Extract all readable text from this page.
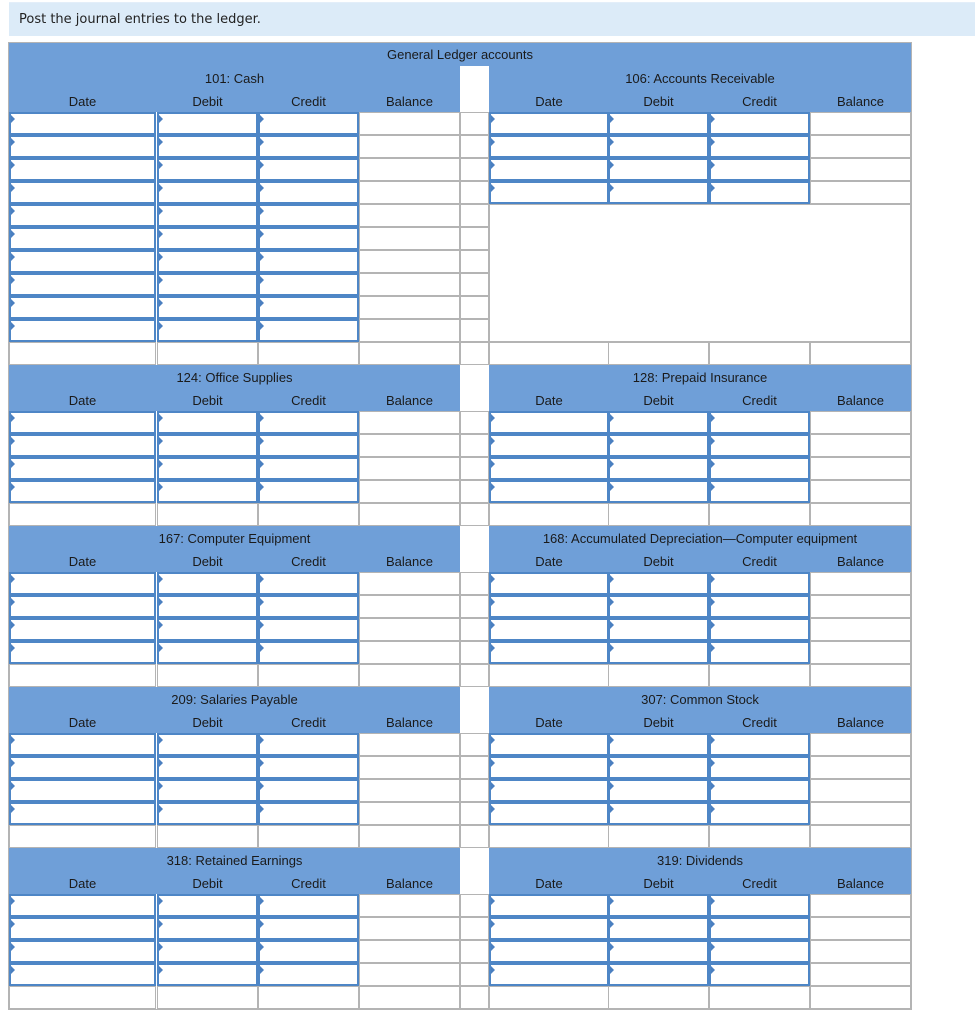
Post the journal entries to the ledger.
General Ledger accounts
101: Cash
Date	Debit	Credit	Balance
106: Accounts Receivable
Date	Debit	Credit	Balance
124: Office Supplies
Date	Debit	Credit	Balance
128: Prepaid Insurance
Date	Debit	Credit	Balance
167: Computer Equipment
Date	Debit	Credit	Balance
168: Accumulated Depreciation—Computer equipment
Date	Debit	Credit	Balance
209: Salaries Payable
Date	Debit	Credit	Balance
307: Common Stock
Date	Debit	Credit	Balance
318: Retained Earnings
Date	Debit	Credit	Balance
319: Dividends
Date	Debit	Credit	Balance
